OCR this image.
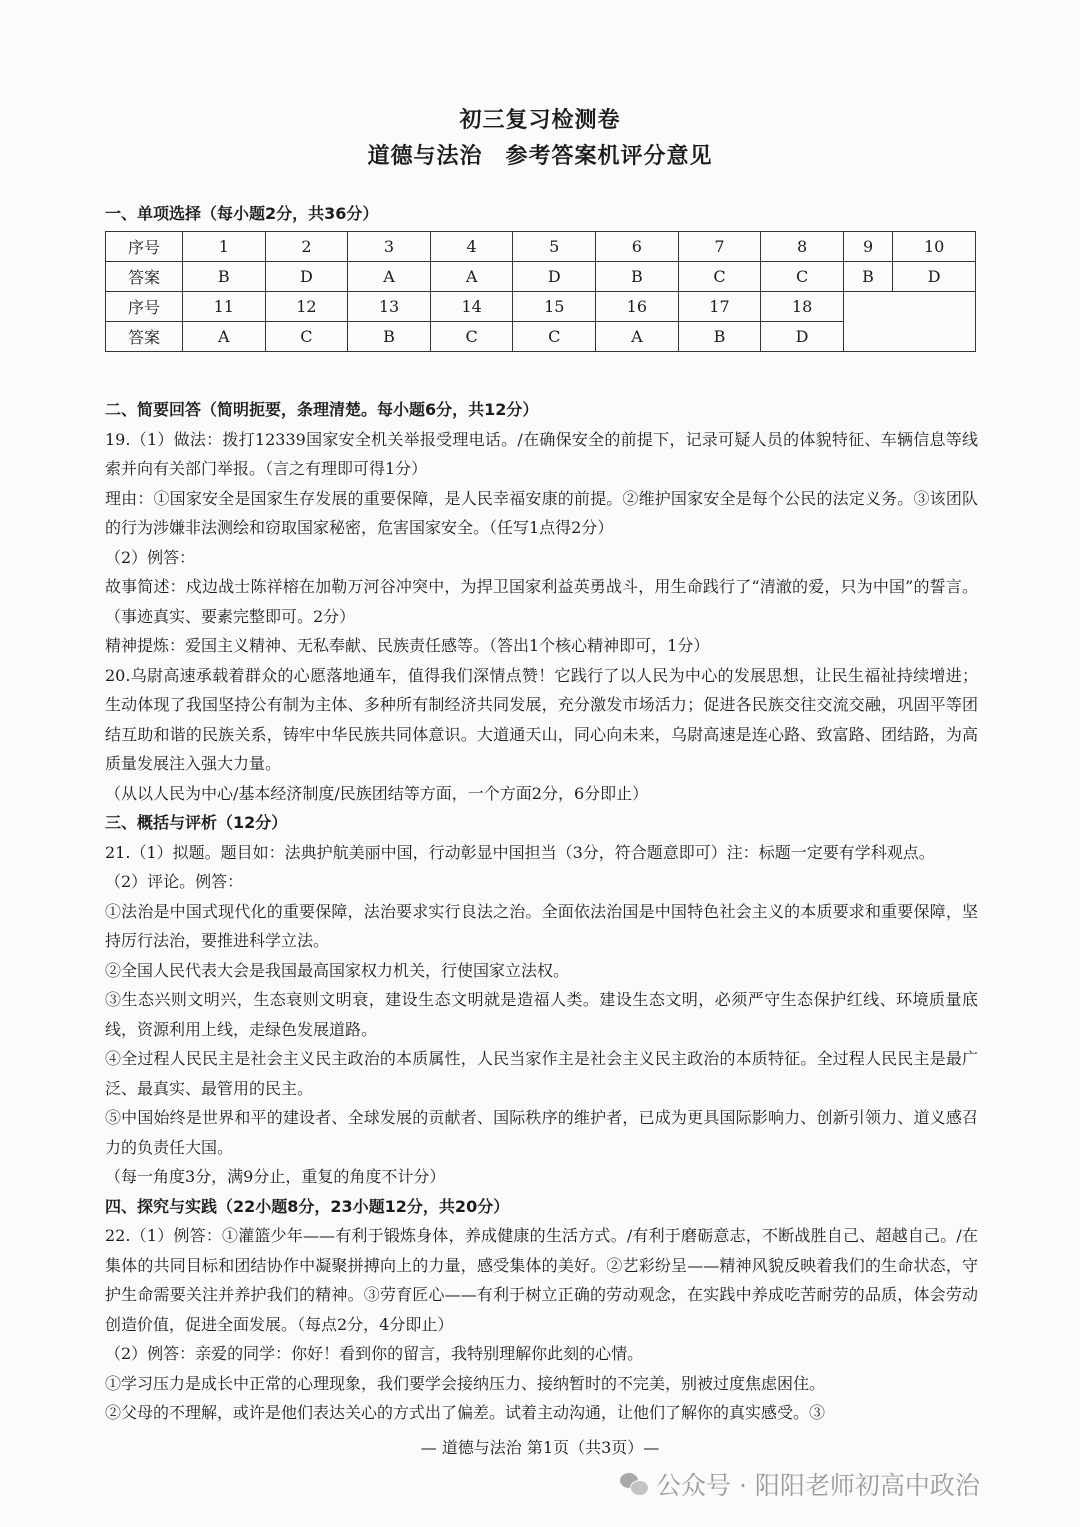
初三复习检测卷
道德与法治　参考答案机评分意见
一、单项选择（每小题2分，共36分）
序号	1	2	3	4	5	6	7	8	9	10
答案	B	D	A	A	D	B	C	C	B	D
序号	11	12	13	14	15	16	17	18		
答案	A	C	B	C	C	A	B	D		

二、简要回答（简明扼要，条理清楚。每小题6分，共12分）

19.（1）做法：拨打12339国家安全机关举报受理电话。/在确保安全的前提下，记录可疑人员的体貌特征、车辆信息等线索并向有关部门举报。（言之有理即可得1分）

理由：①国家安全是国家生存发展的重要保障，是人民幸福安康的前提。②维护国家安全是每个公民的法定义务。③该团队的行为涉嫌非法测绘和窃取国家秘密，危害国家安全。（任写1点得2分）

（2）例答：

故事简述：戍边战士陈祥榕在加勒万河谷冲突中，为捍卫国家利益英勇战斗，用生命践行了“清澈的爱，只为中国”的誓言。（事迹真实、要素完整即可。2分）

精神提炼：爱国主义精神、无私奉献、民族责任感等。（答出1个核心精神即可，1分）

20.乌尉高速承载着群众的心愿落地通车，值得我们深情点赞！它践行了以人民为中心的发展思想，让民生福祉持续增进；生动体现了我国坚持公有制为主体、多种所有制经济共同发展，充分激发市场活力；促进各民族交往交流交融，巩固平等团结互助和谐的民族关系，铸牢中华民族共同体意识。大道通天山，同心向未来，乌尉高速是连心路、致富路、团结路，为高质量发展注入强大力量。

（从以人民为中心/基本经济制度/民族团结等方面，一个方面2分，6分即止）

三、概括与评析（12分）

21.（1）拟题。题目如：法典护航美丽中国，行动彰显中国担当（3分，符合题意即可）注：标题一定要有学科观点。

（2）评论。例答：

①法治是中国式现代化的重要保障，法治要求实行良法之治。全面依法治国是中国特色社会主义的本质要求和重要保障，坚持厉行法治，要推进科学立法。

②全国人民代表大会是我国最高国家权力机关，行使国家立法权。

③生态兴则文明兴，生态衰则文明衰，建设生态文明就是造福人类。建设生态文明，必须严守生态保护红线、环境质量底线，资源利用上线，走绿色发展道路。

④全过程人民民主是社会主义民主政治的本质属性，人民当家作主是社会主义民主政治的本质特征。全过程人民民主是最广泛、最真实、最管用的民主。

⑤中国始终是世界和平的建设者、全球发展的贡献者、国际秩序的维护者，已成为更具国际影响力、创新引领力、道义感召力的负责任大国。

（每一角度3分，满9分止，重复的角度不计分）

四、探究与实践（22小题8分，23小题12分，共20分）

22.（1）例答：①灌篮少年——有利于锻炼身体，养成健康的生活方式。/有利于磨砺意志，不断战胜自己、超越自己。/在集体的共同目标和团结协作中凝聚拼搏向上的力量，感受集体的美好。②艺彩纷呈——精神风貌反映着我们的生命状态，守护生命需要关注并养护我们的精神。③劳育匠心——有利于树立正确的劳动观念，在实践中养成吃苦耐劳的品质，体会劳动创造价值，促进全面发展。（每点2分，4分即止）

（2）例答：亲爱的同学：你好！看到你的留言，我特别理解你此刻的心情。

①学习压力是成长中正常的心理现象，我们要学会接纳压力、接纳暂时的不完美，别被过度焦虑困住。

②父母的不理解，或许是他们表达关心的方式出了偏差。试着主动沟通，让他们了解你的真实感受。③

— 道德与法治 第1页（共3页）—
公众号 · 阳阳老师初高中政治
